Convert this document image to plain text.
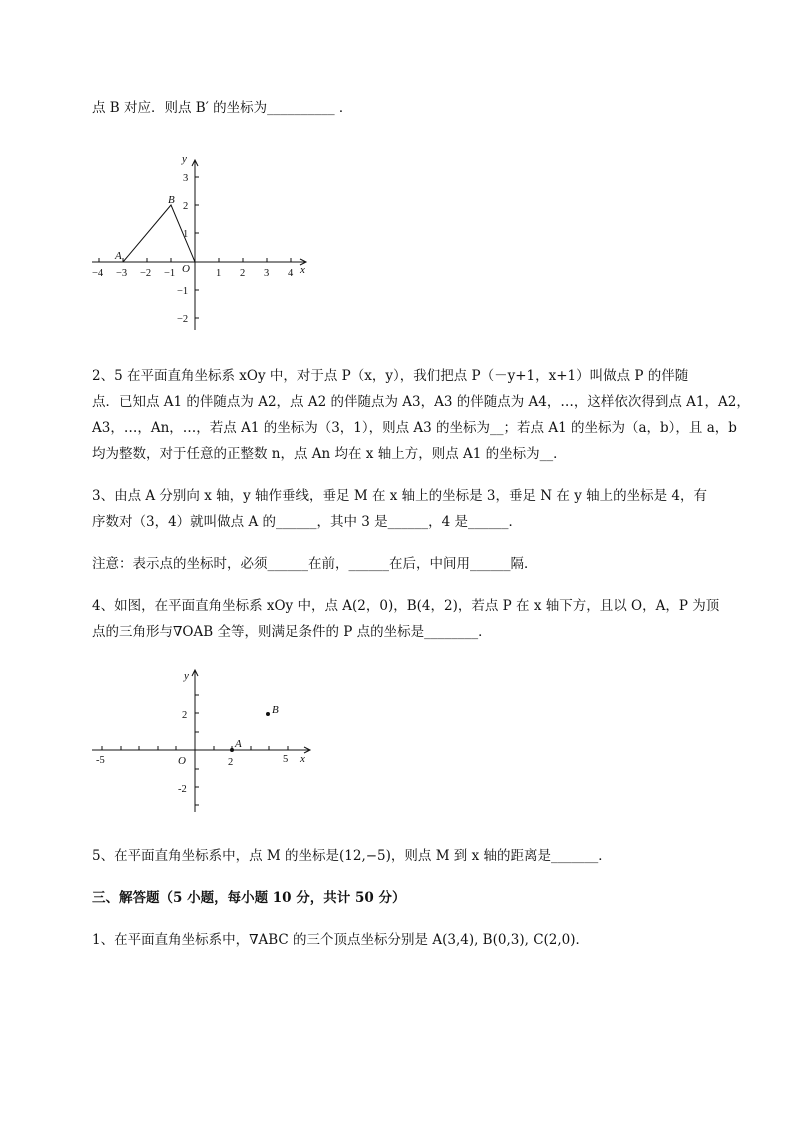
点 B 对应．则点 B′ 的坐标为__________ ．
−4 −3 −2 −1	1 2 3 4
3
2
1
−1
−2
x
y
O
A
B
2、5 在平面直角坐标系 xOy 中，对于点 P（x，y），我们把点 P（－y+1，x+1）叫做点 P 的伴随
点．已知点 A1 的伴随点为 A2，点 A2 的伴随点为 A3，A3 的伴随点为 A4，…，这样依次得到点 A1，A2，
A3，…，An，…，若点 A1 的坐标为（3，1），则点 A3 的坐标为__；若点 A1 的坐标为（a，b），且 a，b
均为整数，对于任意的正整数 n，点 An 均在 x 轴上方，则点 A1 的坐标为__．
3、由点 A 分别向 x 轴，y 轴作垂线，垂足 M 在 x 轴上的坐标是 3，垂足 N 在 y 轴上的坐标是 4，有
序数对（3，4）就叫做点 A 的______，其中 3 是______，4 是______．
注意：表示点的坐标时，必须______在前，______在后，中间用______隔．
4、如图，在平面直角坐标系 xOy 中，点 A(2，0)，B(4，2)，若点 P 在 x 轴下方，且以 O，A，P 为顶
点的三角形与∇OAB 全等，则满足条件的 P 点的坐标是________．
-5	2	5
2
-2
x
y
O
A
B
5、在平面直角坐标系中，点 M 的坐标是(12,−5)，则点 M 到 x 轴的距离是_______．
三、解答题（5 小题，每小题 10 分，共计 50 分）
1、在平面直角坐标系中，∇ABC 的三个顶点坐标分别是 A(3,4), B(0,3), C(2,0)．
